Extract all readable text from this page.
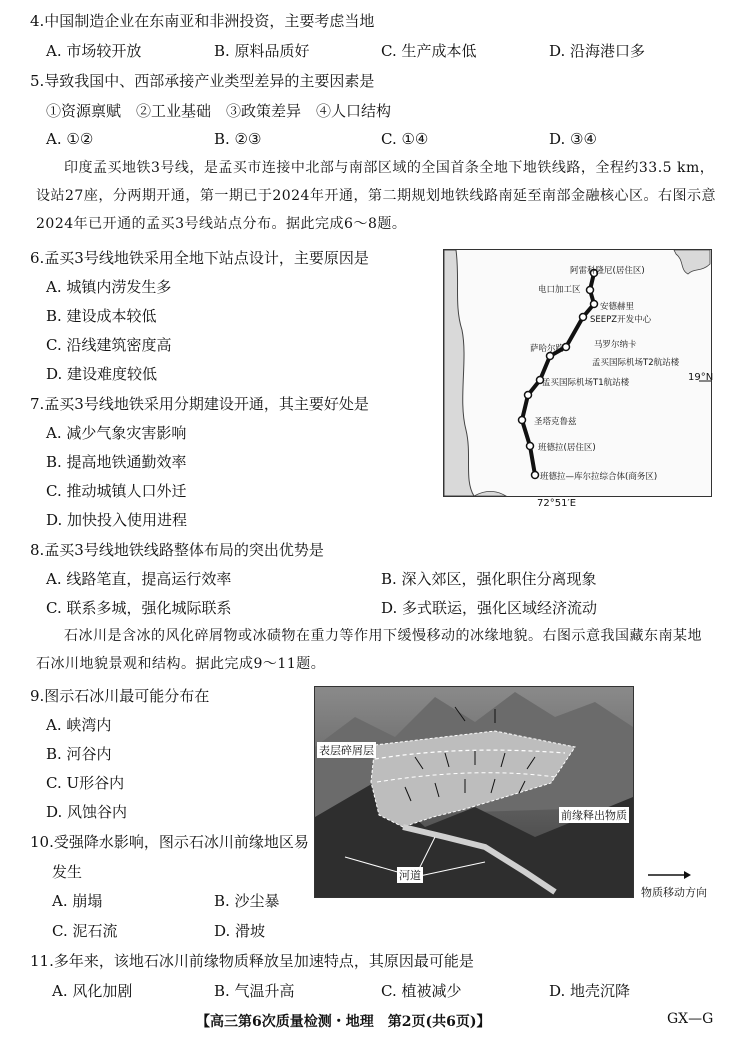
4.中国制造企业在东南亚和非洲投资，主要考虑当地
A. 市场较开放	B. 原料品质好	C. 生产成本低	D. 沿海港口多
5.导致我国中、西部承接产业类型差异的主要因素是
①资源禀赋　②工业基础　③政策差异　④人口结构
A. ①②	B. ②③	C. ①④	D. ③④
印度孟买地铁3号线，是孟买市连接中北部与南部区域的全国首条全地下地铁线路，全程约33.5 km，设站27座，分两期开通，第一期已于2024年开通，第二期规划地铁线路南延至南部金融核心区。右图示意2024年已开通的孟买3号线站点分布。据此完成6～8题。
6.孟买3号线地铁采用全地下站点设计，主要原因是
A. 城镇内涝发生多
B. 建设成本较低
C. 沿线建筑密度高
D. 建设难度较低
7.孟买3号线地铁采用分期建设开通，其主要好处是
A. 减少气象灾害影响
B. 提高地铁通勤效率
C. 推动城镇人口外迁
D. 加快投入使用进程
阿雷科隆尼(居住区)
电口加工区
安德赫里
SEEPZ开发中心
马罗尔纳卡
萨哈尔路
孟买国际机场T2航站楼
孟买国际机场T1航站楼
圣塔克鲁兹
班德拉(居住区)
班德拉—库尔拉综合体(商务区)
19°N
72°51′E
8.孟买3号线地铁线路整体布局的突出优势是
A. 线路笔直，提高运行效率	B. 深入郊区，强化职住分离现象
C. 联系多城，强化城际联系	D. 多式联运，强化区域经济流动
石冰川是含冰的风化碎屑物或冰碛物在重力等作用下缓慢移动的冰缘地貌。右图示意我国藏东南某地石冰川地貌景观和结构。据此完成9～11题。
9.图示石冰川最可能分布在
A. 峡湾内
B. 河谷内
C. U形谷内
D. 风蚀谷内
10.受强降水影响，图示石冰川前缘地区易
发生
A. 崩塌	B. 沙尘暴
C. 泥石流	D. 滑坡
表层碎屑层
前缘释出物质
河道
物质移动方向
11.多年来，该地石冰川前缘物质释放呈加速特点，其原因最可能是
A. 风化加剧	B. 气温升高	C. 植被减少	D. 地壳沉降
【高三第6次质量检测・地理　第2页(共6页)】	GX—G
